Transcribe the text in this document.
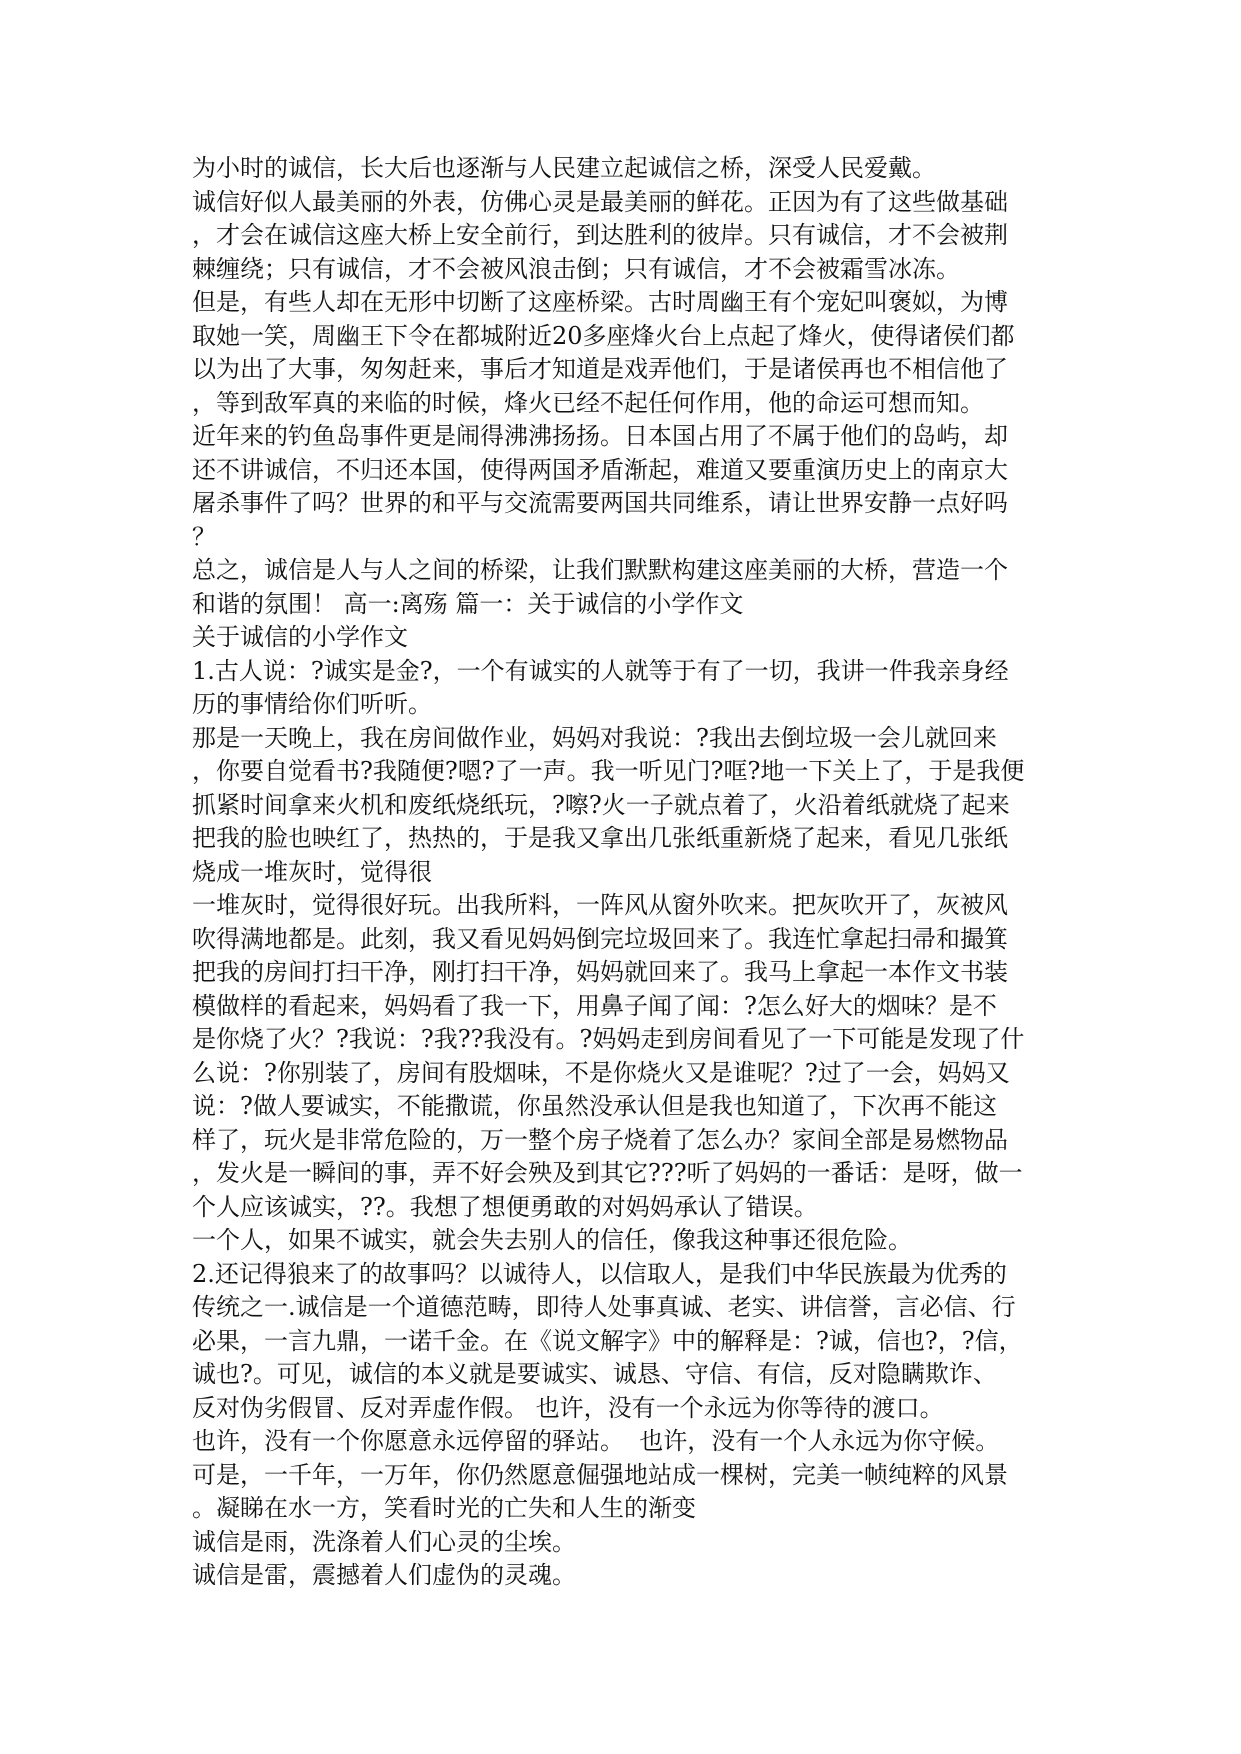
为小时的诚信，长大后也逐渐与人民建立起诚信之桥，深受人民爱戴。
诚信好似人最美丽的外表，仿佛心灵是最美丽的鲜花。正因为有了这些做基础
，才会在诚信这座大桥上安全前行，到达胜利的彼岸。只有诚信，才不会被荆
棘缠绕；只有诚信，才不会被风浪击倒；只有诚信，才不会被霜雪冰冻。
但是，有些人却在无形中切断了这座桥梁。古时周幽王有个宠妃叫褒姒，为博
取她一笑，周幽王下令在都城附近20多座烽火台上点起了烽火，使得诸侯们都
以为出了大事，匆匆赶来，事后才知道是戏弄他们，于是诸侯再也不相信他了
，等到敌军真的来临的时候，烽火已经不起任何作用，他的命运可想而知。
近年来的钓鱼岛事件更是闹得沸沸扬扬。日本国占用了不属于他们的岛屿，却
还不讲诚信，不归还本国，使得两国矛盾渐起，难道又要重演历史上的南京大
屠杀事件了吗？世界的和平与交流需要两国共同维系，请让世界安静一点好吗
？
总之，诚信是人与人之间的桥梁，让我们默默构建这座美丽的大桥，营造一个
和谐的氛围！ 高一:离殇 篇一：关于诚信的小学作文
关于诚信的小学作文
1.古人说：?诚实是金?，一个有诚实的人就等于有了一切，我讲一件我亲身经
历的事情给你们听听。
那是一天晚上，我在房间做作业，妈妈对我说：?我出去倒垃圾一会儿就回来
，你要自觉看书?我随便?嗯?了一声。我一听见门?哐?地一下关上了，于是我便
抓紧时间拿来火机和废纸烧纸玩，?嚓?火一子就点着了，火沿着纸就烧了起来
把我的脸也映红了，热热的，于是我又拿出几张纸重新烧了起来，看见几张纸
烧成一堆灰时，觉得很
一堆灰时，觉得很好玩。出我所料，一阵风从窗外吹来。把灰吹开了，灰被风
吹得满地都是。此刻，我又看见妈妈倒完垃圾回来了。我连忙拿起扫帚和撮箕
把我的房间打扫干净，刚打扫干净，妈妈就回来了。我马上拿起一本作文书装
模做样的看起来，妈妈看了我一下，用鼻子闻了闻：?怎么好大的烟味？是不
是你烧了火？?我说：?我??我没有。?妈妈走到房间看见了一下可能是发现了什
么说：?你别装了，房间有股烟味，不是你烧火又是谁呢？?过了一会，妈妈又
说：?做人要诚实，不能撒谎，你虽然没承认但是我也知道了，下次再不能这
样了，玩火是非常危险的，万一整个房子烧着了怎么办？家间全部是易燃物品
，发火是一瞬间的事，弄不好会殃及到其它???听了妈妈的一番话：是呀，做一
个人应该诚实，??。我想了想便勇敢的对妈妈承认了错误。
一个人，如果不诚实，就会失去别人的信任，像我这种事还很危险。
2.还记得狼来了的故事吗？以诚待人，以信取人，是我们中华民族最为优秀的
传统之一.诚信是一个道德范畴，即待人处事真诚、老实、讲信誉，言必信、行
必果，一言九鼎，一诺千金。在《说文解字》中的解释是：?诚，信也?，?信，
诚也?。可见，诚信的本义就是要诚实、诚恳、守信、有信，反对隐瞒欺诈、
反对伪劣假冒、反对弄虚作假。 也许，没有一个永远为你等待的渡口。
也许，没有一个你愿意永远停留的驿站。  也许，没有一个人永远为你守候。
可是，一千年，一万年，你仍然愿意倔强地站成一棵树，完美一帧纯粹的风景
。凝睇在水一方，笑看时光的亡失和人生的渐变
诚信是雨，洗涤着人们心灵的尘埃。
诚信是雷，震撼着人们虚伪的灵魂。
